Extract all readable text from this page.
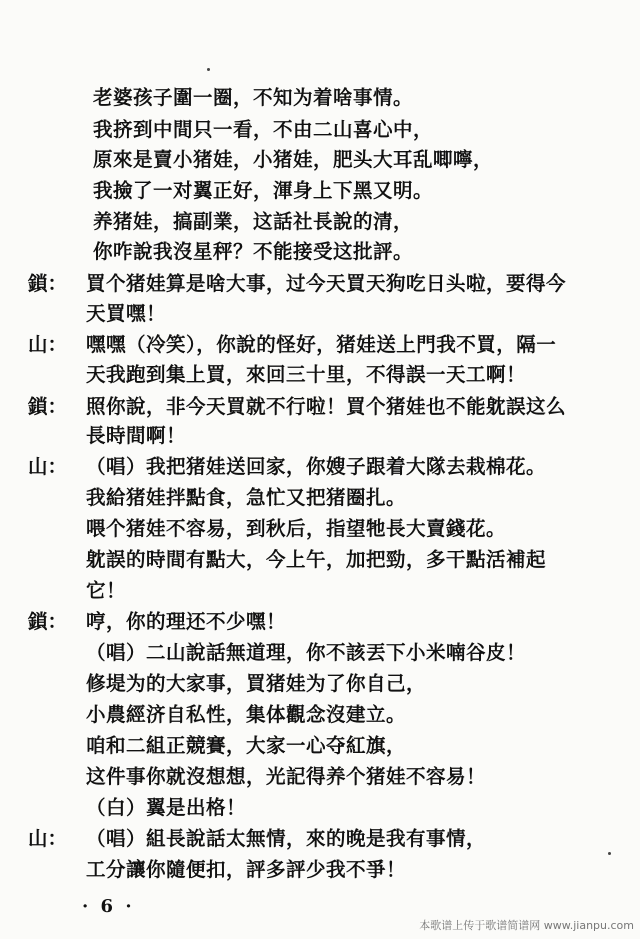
老婆孩子圍一圈，不知为着啥事情。
我挤到中間只一看，不由二山喜心中，
原來是賣小猪娃，小猪娃，肥头大耳乱唧嚀，
我撿了一对翼正好，渾身上下黑又明。
养猪娃，搞副業，这話社長說的清，
你咋說我沒星秤？不能接受这批評。
鎖： 買个猪娃算是啥大事，过今天買天狗吃日头啦，要得今
天買嘿！
山： 嘿嘿（冷笑），你說的怪好，猪娃送上門我不買，隔一
天我跑到集上買，來回三十里，不得誤一天工啊！
鎖： 照你說，非今天買就不行啦！買个猪娃也不能躭誤这么
長時間啊！
山： （唱）我把猪娃送回家，你嫂子跟着大隊去栽棉花。
我給猪娃拌點食，急忙又把猪圈扎。
喂个猪娃不容易，到秋后，指望牠長大賣錢花。
躭誤的時間有點大，今上午，加把勁，多干點活補起
它！
鎖： 哼，你的理还不少嘿！
（唱）二山說話無道理，你不該丟下小米喃谷皮！
修堤为的大家事，買猪娃为了你自己，
小農經济自私性，集体觀念沒建立。
咱和二組正競賽，大家一心夺紅旗，
这件事你就沒想想，光記得养个猪娃不容易！
（白）翼是出格！
山： （唱）組長說話太無情，來的晚是我有事情，
工分讓你隨便扣，評多評少我不爭！
· 6 ·
本歌谱上传于歌谱简谱网 www.jianpu.com
